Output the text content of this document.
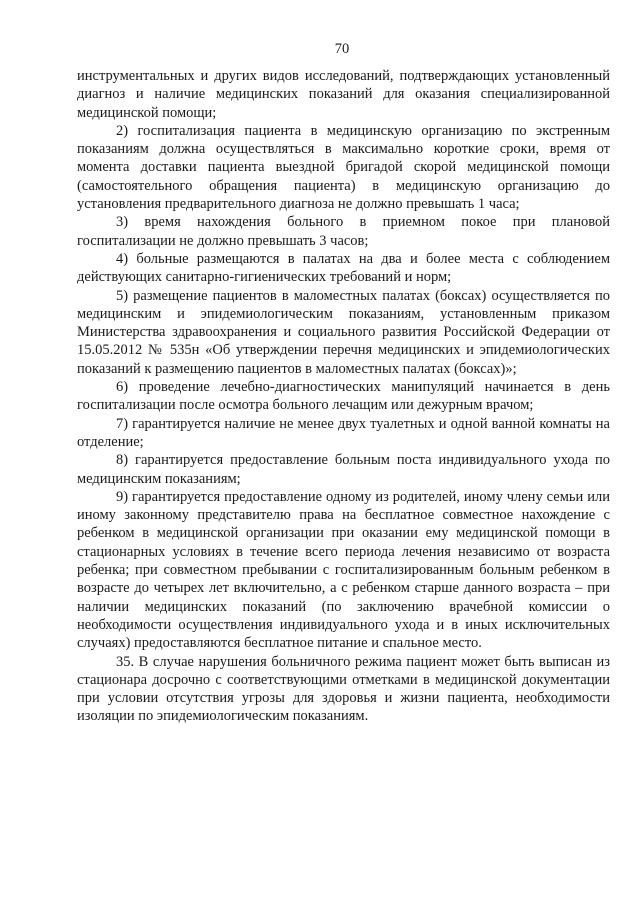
70

инструментальных и других видов исследований, подтверждающих установленный диагноз и наличие медицинских показаний для оказания специализированной медицинской помощи;

2) госпитализация пациента в медицинскую организацию по экстренным показаниям должна осуществляться в максимально короткие сроки, время от момента доставки пациента выездной бригадой скорой медицинской помощи (самостоятельного обращения пациента) в медицинскую организацию до установления предварительного диагноза не должно превышать 1 часа;

3) время нахождения больного в приемном покое при плановой госпитализации не должно превышать 3 часов;

4) больные размещаются в палатах на два и более места с соблюдением действующих санитарно-гигиенических требований и норм;

5) размещение пациентов в маломестных палатах (боксах) осуществляется по медицинским и эпидемиологическим показаниям, установленным приказом Министерства здравоохранения и социального развития Российской Федерации от 15.05.2012 № 535н «Об утверждении перечня медицинских и эпидемиологических показаний к размещению пациентов в маломестных палатах (боксах)»;

6) проведение лечебно-диагностических манипуляций начинается в день госпитализации после осмотра больного лечащим или дежурным врачом;

7) гарантируется наличие не менее двух туалетных и одной ванной комнаты на отделение;

8) гарантируется предоставление больным поста индивидуального ухода по медицинским показаниям;

9) гарантируется предоставление одному из родителей, иному члену семьи или иному законному представителю права на бесплатное совместное нахождение с ребенком в медицинской организации при оказании ему медицинской помощи в стационарных условиях в течение всего периода лечения независимо от возраста ребенка; при совместном пребывании с госпитализированным больным ребенком в возрасте до четырех лет включительно, а с ребенком старше данного возраста – при наличии медицинских показаний (по заключению врачебной комиссии о необходимости осуществления индивидуального ухода и в иных исключительных случаях) предоставляются бесплатное питание и спальное место.

35. В случае нарушения больничного режима пациент может быть выписан из стационара досрочно с соответствующими отметками в медицинской документации при условии отсутствия угрозы для здоровья и жизни пациента, необходимости изоляции по эпидемиологическим показаниям.
